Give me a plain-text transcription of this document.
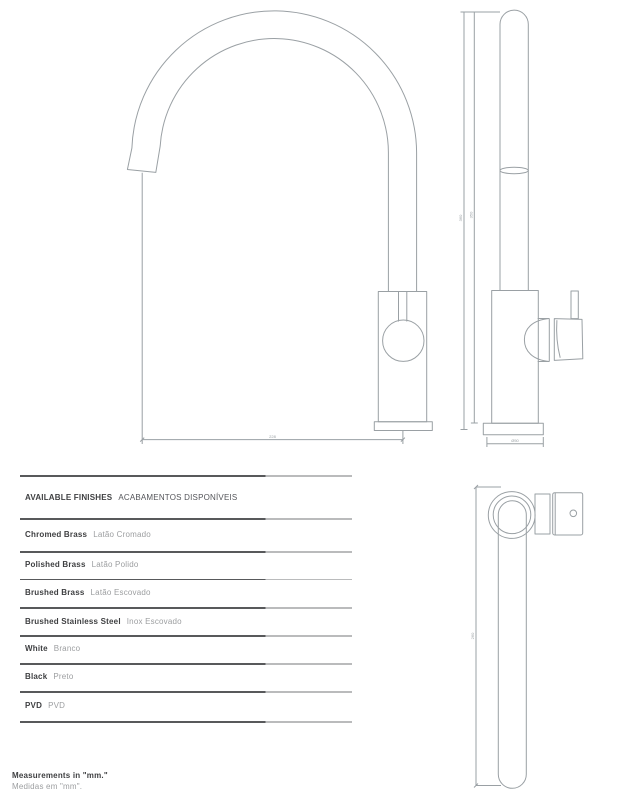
228
360 350
Ø50
260
AVAILABLE FINISHES ACABAMENTOS DISPONÍVEIS
Chromed Brass Latão Cromado
Polished Brass Latão Polido
Brushed Brass Latão Escovado
Brushed Stainless Steel Inox Escovado
White Branco
Black Preto
PVD PVD
Measurements in "mm."
Medidas em "mm".
